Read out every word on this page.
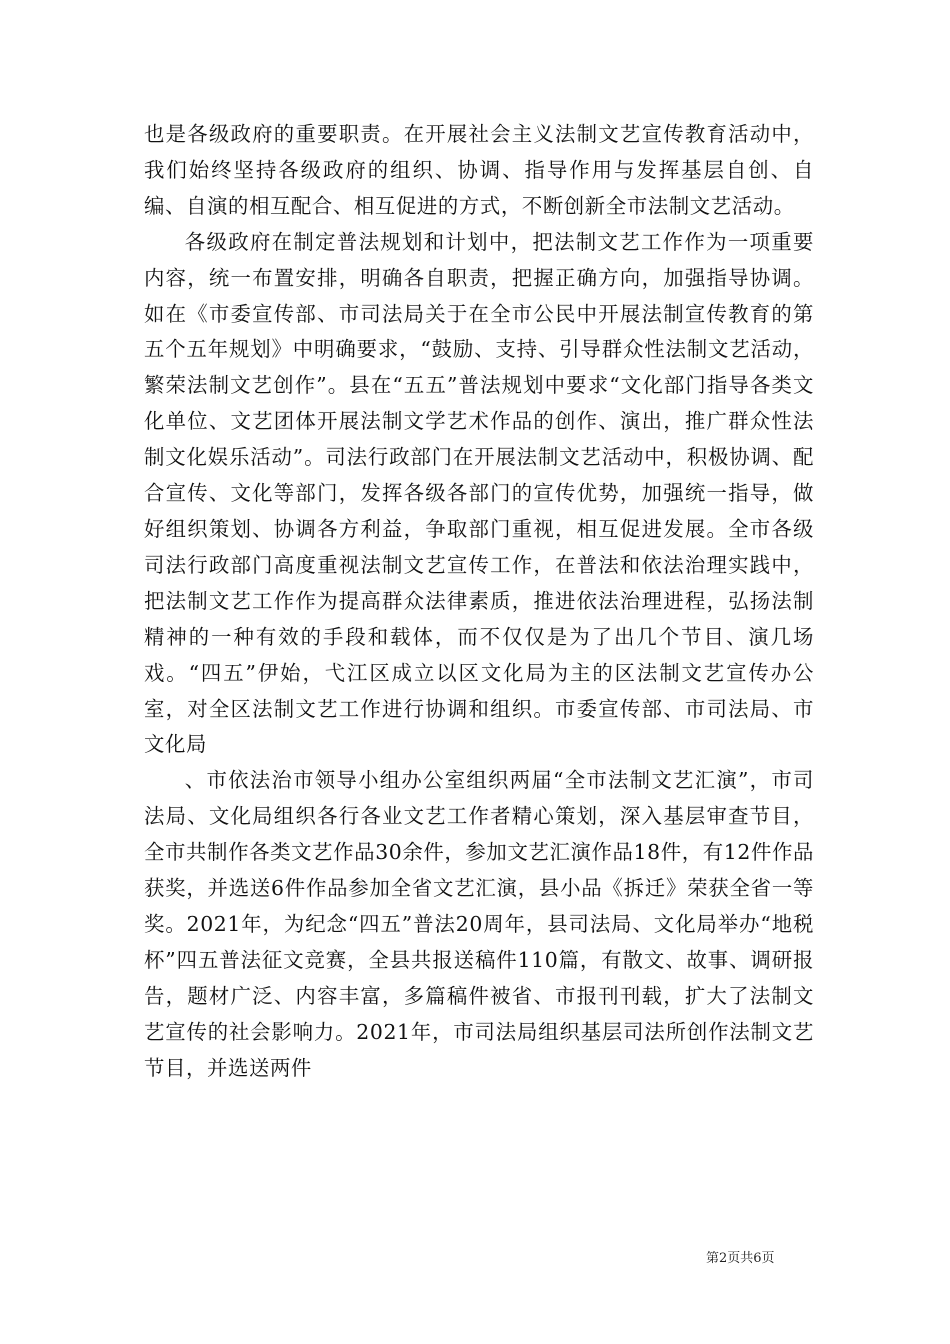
也是各级政府的重要职责。在开展社会主义法制文艺宣传教育活动中，我们始终坚持各级政府的组织、协调、指导作用与发挥基层自创、自编、自演的相互配合、相互促进的方式，不断创新全市法制文艺活动。

各级政府在制定普法规划和计划中，把法制文艺工作作为一项重要内容，统一布置安排，明确各自职责，把握正确方向，加强指导协调。如在《市委宣传部、市司法局关于在全市公民中开展法制宣传教育的第五个五年规划》中明确要求，“鼓励、支持、引导群众性法制文艺活动，繁荣法制文艺创作”。县在“五五”普法规划中要求“文化部门指导各类文化单位、文艺团体开展法制文学艺术作品的创作、演出，推广群众性法制文化娱乐活动”。司法行政部门在开展法制文艺活动中，积极协调、配合宣传、文化等部门，发挥各级各部门的宣传优势，加强统一指导，做好组织策划、协调各方利益，争取部门重视，相互促进发展。全市各级司法行政部门高度重视法制文艺宣传工作，在普法和依法治理实践中，把法制文艺工作作为提高群众法律素质，推进依法治理进程，弘扬法制精神的一种有效的手段和载体，而不仅仅是为了出几个节目、演几场戏。“四五”伊始，弋江区成立以区文化局为主的区法制文艺宣传办公室，对全区法制文艺工作进行协调和组织。市委宣传部、市司法局、市文化局

、市依法治市领导小组办公室组织两届“全市法制文艺汇演”，市司法局、文化局组织各行各业文艺工作者精心策划，深入基层审查节目，全市共制作各类文艺作品30余件，参加文艺汇演作品18件，有12件作品获奖，并选送6件作品参加全省文艺汇演，县小品《拆迁》荣获全省一等奖。2021年，为纪念“四五”普法20周年，县司法局、文化局举办“地税杯”四五普法征文竞赛，全县共报送稿件110篇，有散文、故事、调研报告，题材广泛、内容丰富，多篇稿件被省、市报刊刊载，扩大了法制文艺宣传的社会影响力。2021年，市司法局组织基层司法所创作法制文艺节目，并选送两件

第2页共6页
